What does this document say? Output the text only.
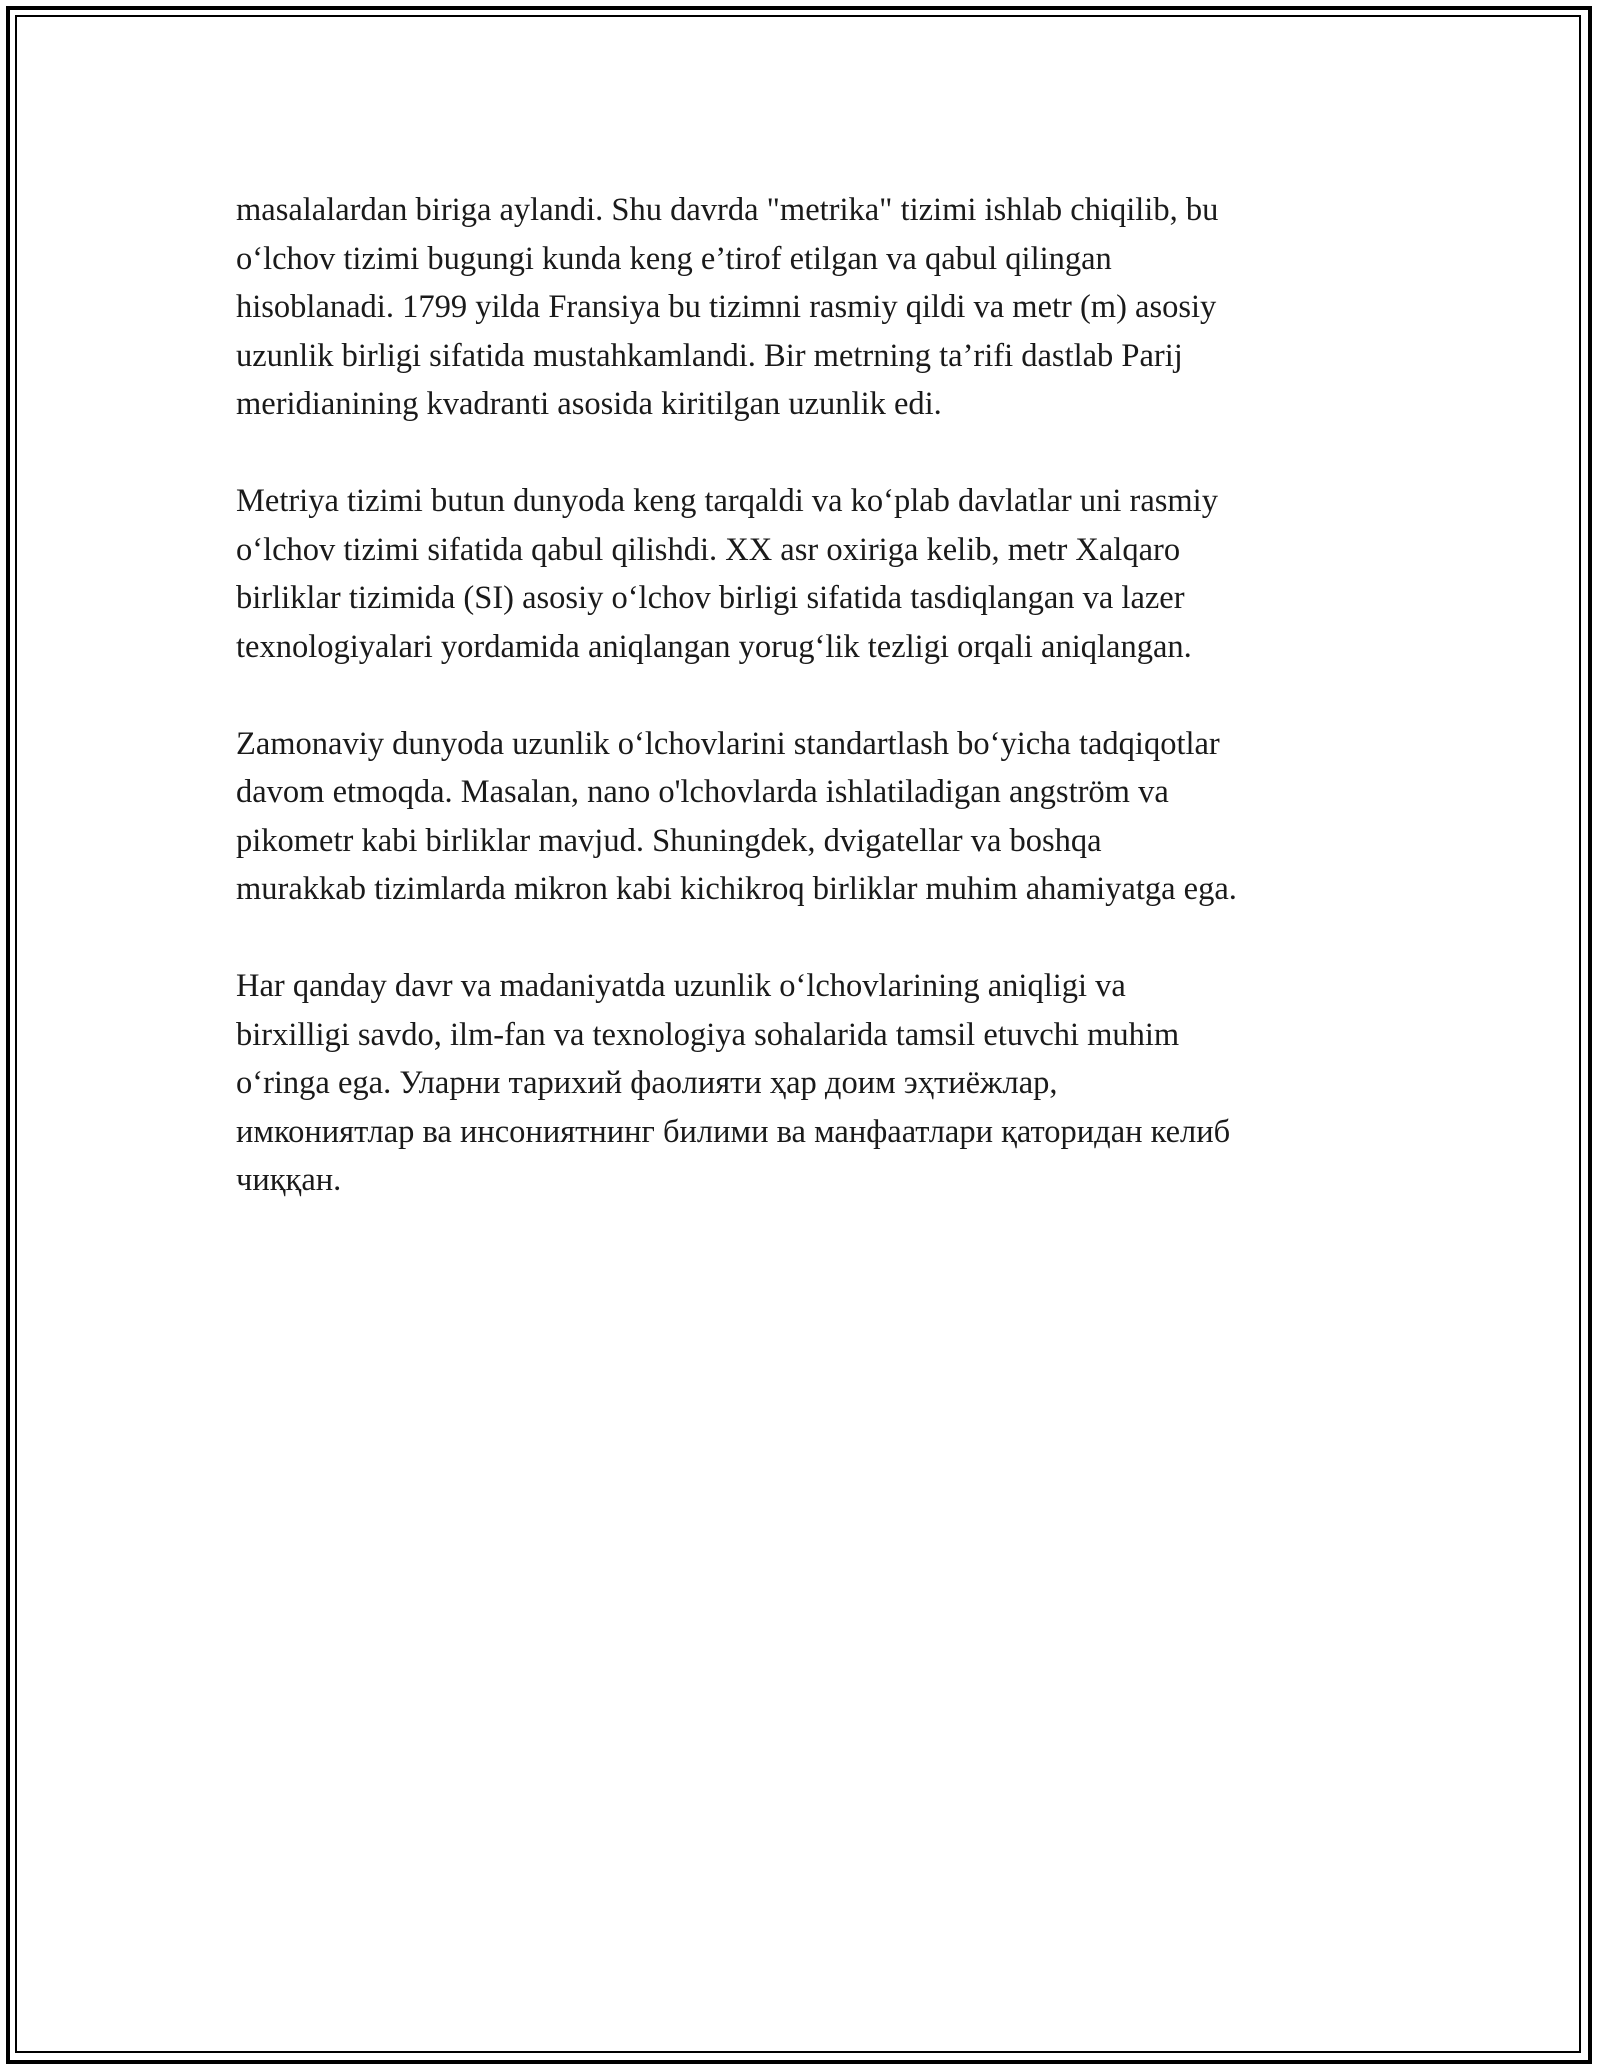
masalalardan biriga aylandi. Shu davrda "metrika" tizimi ishlab chiqilib, bu
o‘lchov tizimi bugungi kunda keng e’tirof etilgan va qabul qilingan
hisoblanadi. 1799 yilda Fransiya bu tizimni rasmiy qildi va metr (m) asosiy
uzunlik birligi sifatida mustahkamlandi. Bir metrning ta’rifi dastlab Parij
meridianining kvadranti asosida kiritilgan uzunlik edi.

Metriya tizimi butun dunyoda keng tarqaldi va ko‘plab davlatlar uni rasmiy
o‘lchov tizimi sifatida qabul qilishdi. XX asr oxiriga kelib, metr Xalqaro
birliklar tizimida (SI) asosiy o‘lchov birligi sifatida tasdiqlangan va lazer
texnologiyalari yordamida aniqlangan yorug‘lik tezligi orqali aniqlangan.

Zamonaviy dunyoda uzunlik o‘lchovlarini standartlash bo‘yicha tadqiqotlar
davom etmoqda. Masalan, nano o'lchovlarda ishlatiladigan angström va
pikometr kabi birliklar mavjud. Shuningdek, dvigatellar va boshqa
murakkab tizimlarda mikron kabi kichikroq birliklar muhim ahamiyatga ega.

Har qanday davr va madaniyatda uzunlik o‘lchovlarining aniqligi va
birxilligi savdo, ilm-fan va texnologiya sohalarida tamsil etuvchi muhim
o‘ringa ega. Уларни тарихий фаолияти ҳар доим эҳтиёжлар,
имкониятлар ва инсониятнинг билими ва манфаатлари қаторидан келиб
чиққан.
